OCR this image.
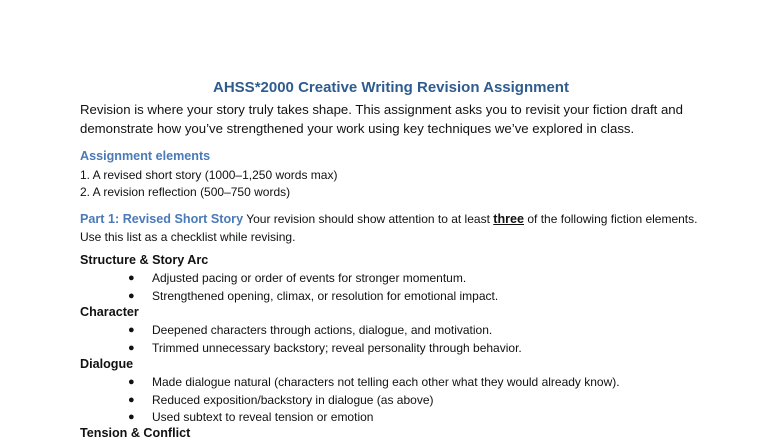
AHSS*2000 Creative Writing Revision Assignment
Revision is where your story truly takes shape. This assignment asks you to revisit your fiction draft and demonstrate how you’ve strengthened your work using key techniques we’ve explored in class.
Assignment elements
1. A revised short story (1000–1,250 words max)
2. A revision reflection (500–750 words)
Part 1: Revised Short Story Your revision should show attention to at least three of the following fiction elements. Use this list as a checklist while revising.
Structure & Story Arc
● Adjusted pacing or order of events for stronger momentum.
● Strengthened opening, climax, or resolution for emotional impact.
Character
● Deepened characters through actions, dialogue, and motivation.
● Trimmed unnecessary backstory; reveal personality through behavior.
Dialogue
● Made dialogue natural (characters not telling each other what they would already know).
● Reduced exposition/backstory in dialogue (as above)
● Used subtext to reveal tension or emotion
Tension & Conflict
